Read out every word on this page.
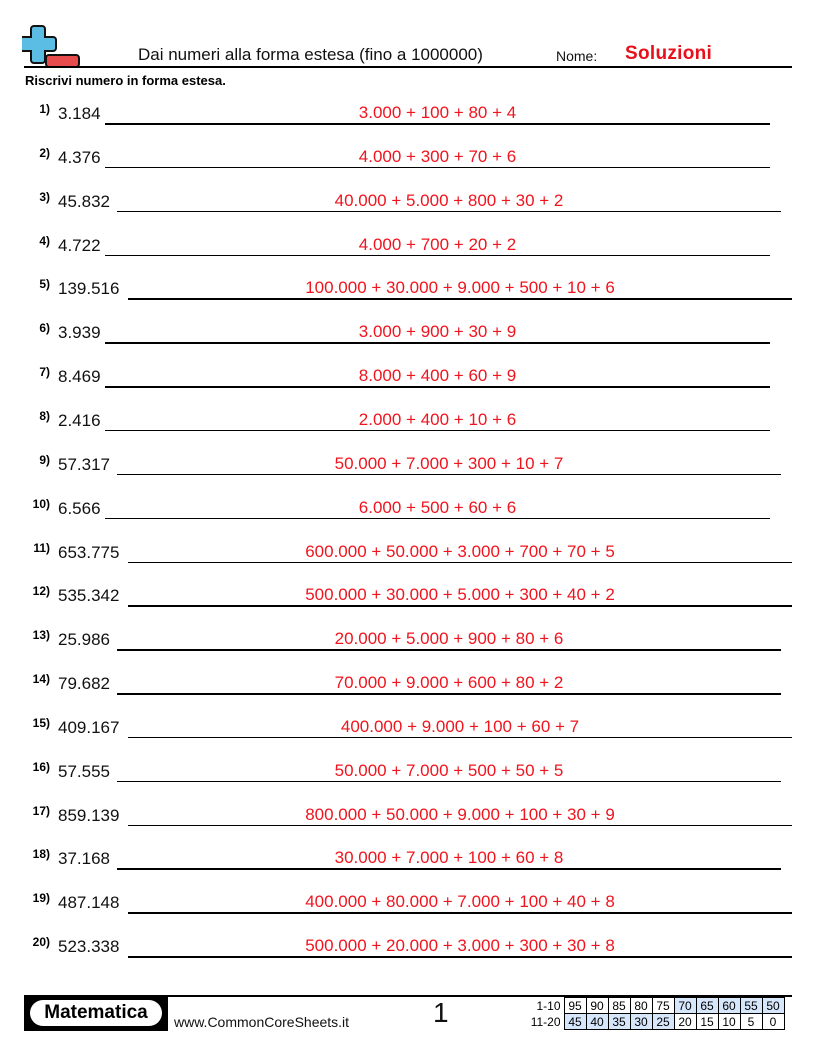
Dai numeri alla forma estesa (fino a 1000000)	Nome: Soluzioni
Riscrivi numero in forma estesa.
1) 3.184	3.000 + 100 + 80 + 4
2) 4.376	4.000 + 300 + 70 + 6
3) 45.832	40.000 + 5.000 + 800 + 30 + 2
4) 4.722	4.000 + 700 + 20 + 2
5) 139.516	100.000 + 30.000 + 9.000 + 500 + 10 + 6
6) 3.939	3.000 + 900 + 30 + 9
7) 8.469	8.000 + 400 + 60 + 9
8) 2.416	2.000 + 400 + 10 + 6
9) 57.317	50.000 + 7.000 + 300 + 10 + 7
10) 6.566	6.000 + 500 + 60 + 6
11) 653.775	600.000 + 50.000 + 3.000 + 700 + 70 + 5
12) 535.342	500.000 + 30.000 + 5.000 + 300 + 40 + 2
13) 25.986	20.000 + 5.000 + 900 + 80 + 6
14) 79.682	70.000 + 9.000 + 600 + 80 + 2
15) 409.167	400.000 + 9.000 + 100 + 60 + 7
16) 57.555	50.000 + 7.000 + 500 + 50 + 5
17) 859.139	800.000 + 50.000 + 9.000 + 100 + 30 + 9
18) 37.168	30.000 + 7.000 + 100 + 60 + 8
19) 487.148	400.000 + 80.000 + 7.000 + 100 + 40 + 8
20) 523.338	500.000 + 20.000 + 3.000 + 300 + 30 + 8
Matematica	www.CommonCoreSheets.it	1	1-10	95	90	85	80	75	70	65	60	55	50
11-20	45	40	35	30	25	20	15	10	5	0
